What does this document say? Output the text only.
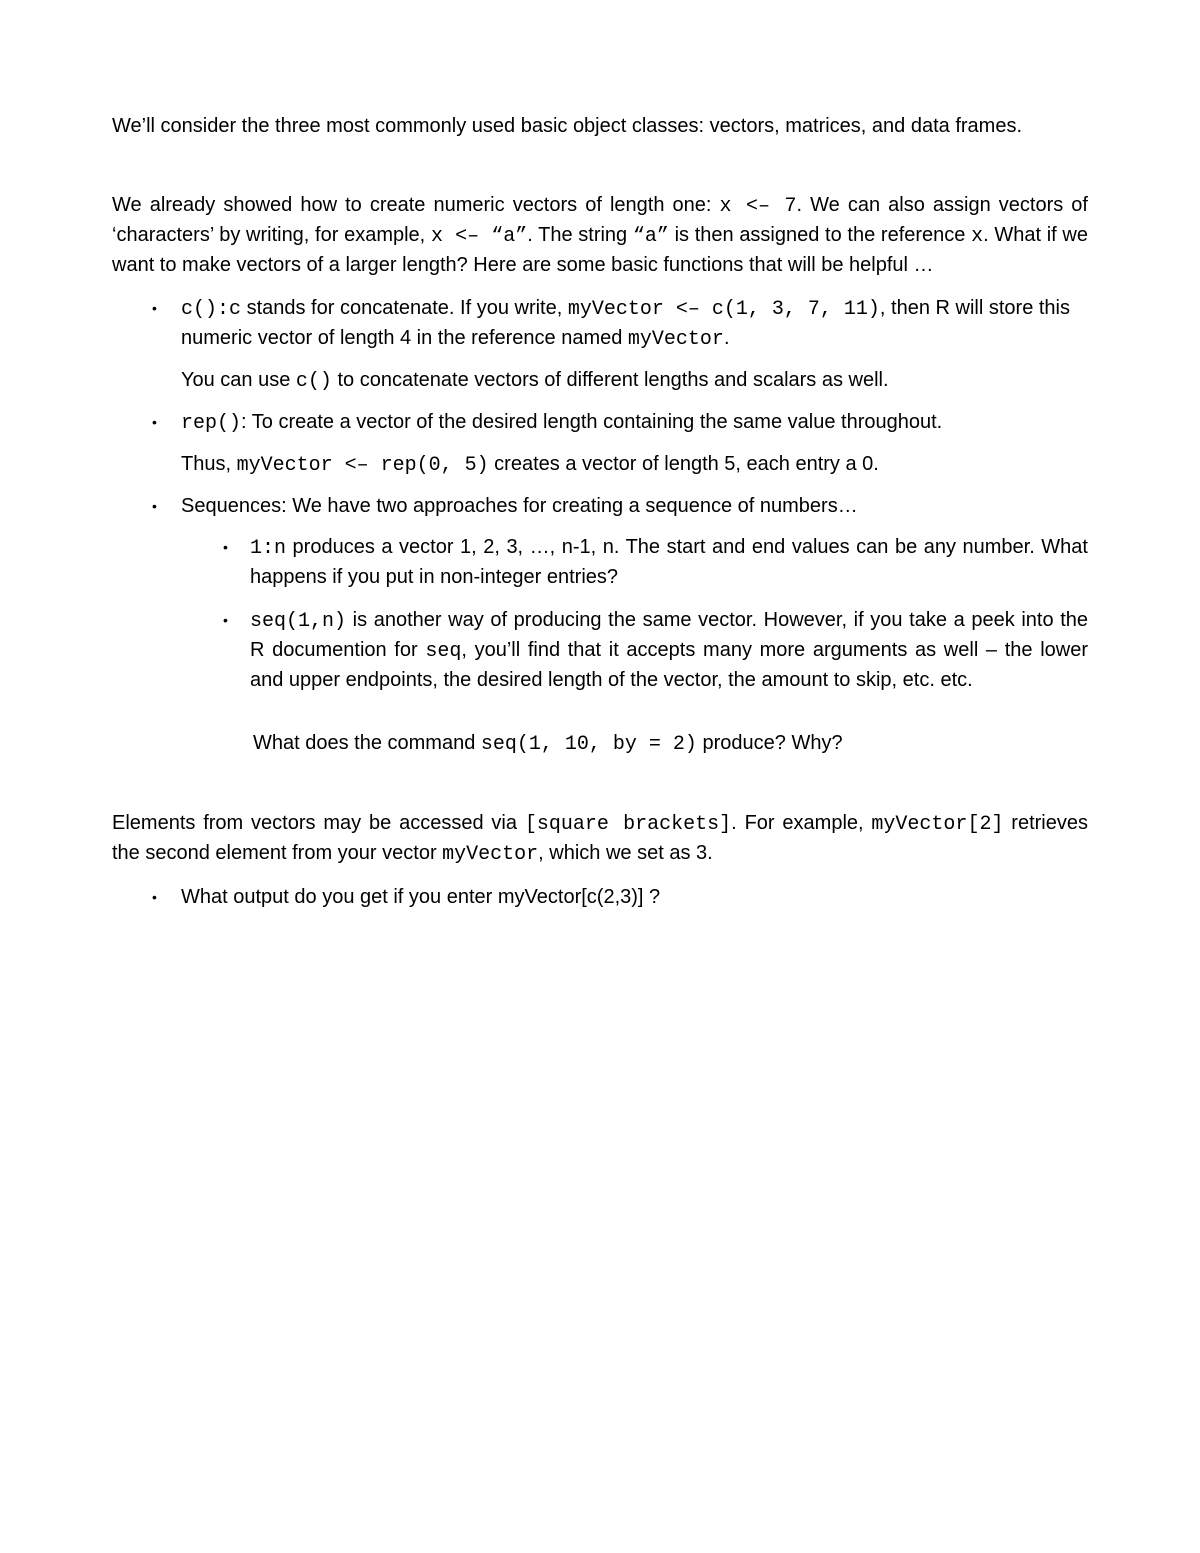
We’ll consider the three most commonly used basic object classes: vectors, matrices, and data frames.

We already showed how to create numeric vectors of length one: x <– 7. We can also assign vectors of ‘characters’ by writing, for example, x <– “a”. The string “a” is then assigned to the reference x. What if we want to make vectors of a larger length? Here are some basic functions that will be helpful …

• c():c stands for concatenate. If you write, myVector <– c(1, 3, 7, 11), then R will store this numeric vector of length 4 in the reference named myVector.

You can use c() to concatenate vectors of different lengths and scalars as well.

• rep(): To create a vector of the desired length containing the same value throughout.

Thus, myVector <– rep(0, 5) creates a vector of length 5, each entry a 0.

• Sequences: We have two approaches for creating a sequence of numbers…

• 1:n produces a vector 1, 2, 3, …, n-1, n. The start and end values can be any number. What happens if you put in non-integer entries?

• seq(1,n) is another way of producing the same vector. However, if you take a peek into the R documention for seq, you’ll find that it accepts many more arguments as well – the lower and upper endpoints, the desired length of the vector, the amount to skip, etc. etc.

What does the command seq(1, 10, by = 2) produce? Why?

Elements from vectors may be accessed via [square brackets]. For example, myVector[2] retrieves the second element from your vector myVector, which we set as 3.

• What output do you get if you enter myVector[c(2,3)] ?
